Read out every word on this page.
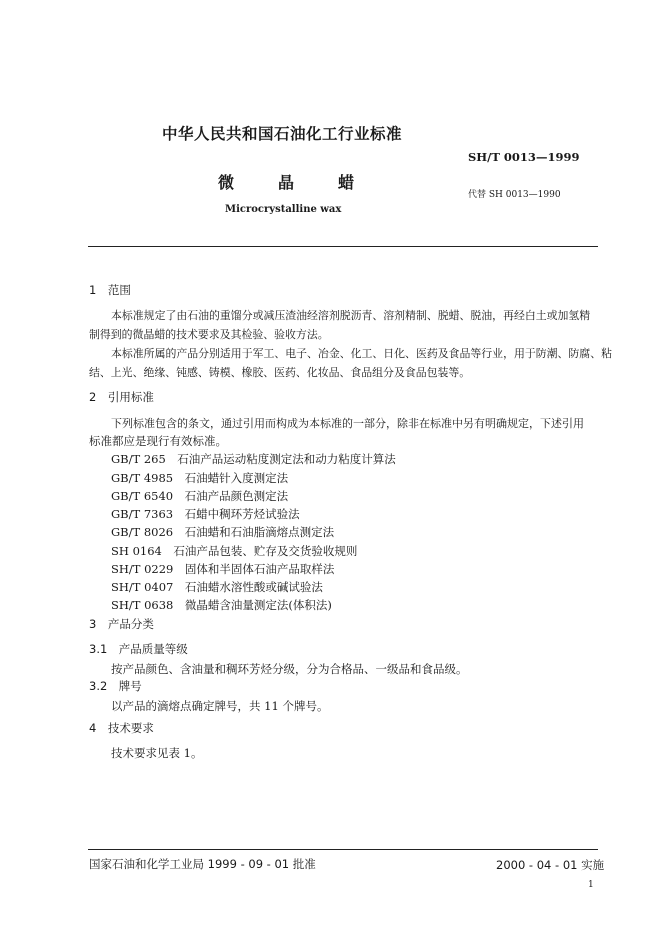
中华人民共和国石油化工行业标准
SH/T 0013—1999
微　晶　蜡
代替 SH 0013—1990
Microcrystalline wax
1　范围
本标准规定了由石油的重馏分或减压渣油经溶剂脱沥青、溶剂精制、脱蜡、脱油，再经白土或加氢精
制得到的微晶蜡的技术要求及其检验、验收方法。
本标准所属的产品分别适用于军工、电子、冶金、化工、日化、医药及食品等行业，用于防潮、防腐、粘
结、上光、绝缘、钝感、铸模、橡胶、医药、化妆品、食品组分及食品包装等。
2　引用标准
下列标准包含的条文，通过引用而构成为本标准的一部分，除非在标准中另有明确规定，下述引用
标准都应是现行有效标准。
GB/T 265　石油产品运动粘度测定法和动力粘度计算法
GB/T 4985　石油蜡针入度测定法
GB/T 6540　石油产品颜色测定法
GB/T 7363　石蜡中稠环芳烃试验法
GB/T 8026　石油蜡和石油脂滴熔点测定法
SH 0164　石油产品包装、贮存及交货验收规则
SH/T 0229　固体和半固体石油产品取样法
SH/T 0407　石油蜡水溶性酸或碱试验法
SH/T 0638　微晶蜡含油量测定法(体积法)
3　产品分类
3.1　产品质量等级
按产品颜色、含油量和稠环芳烃分级，分为合格品、一级品和食品级。
3.2　牌号
以产品的滴熔点确定牌号，共 11 个牌号。
4　技术要求
技术要求见表 1。
国家石油和化学工业局 1999 - 09 - 01 批准	2000 - 04 - 01 实施
1
